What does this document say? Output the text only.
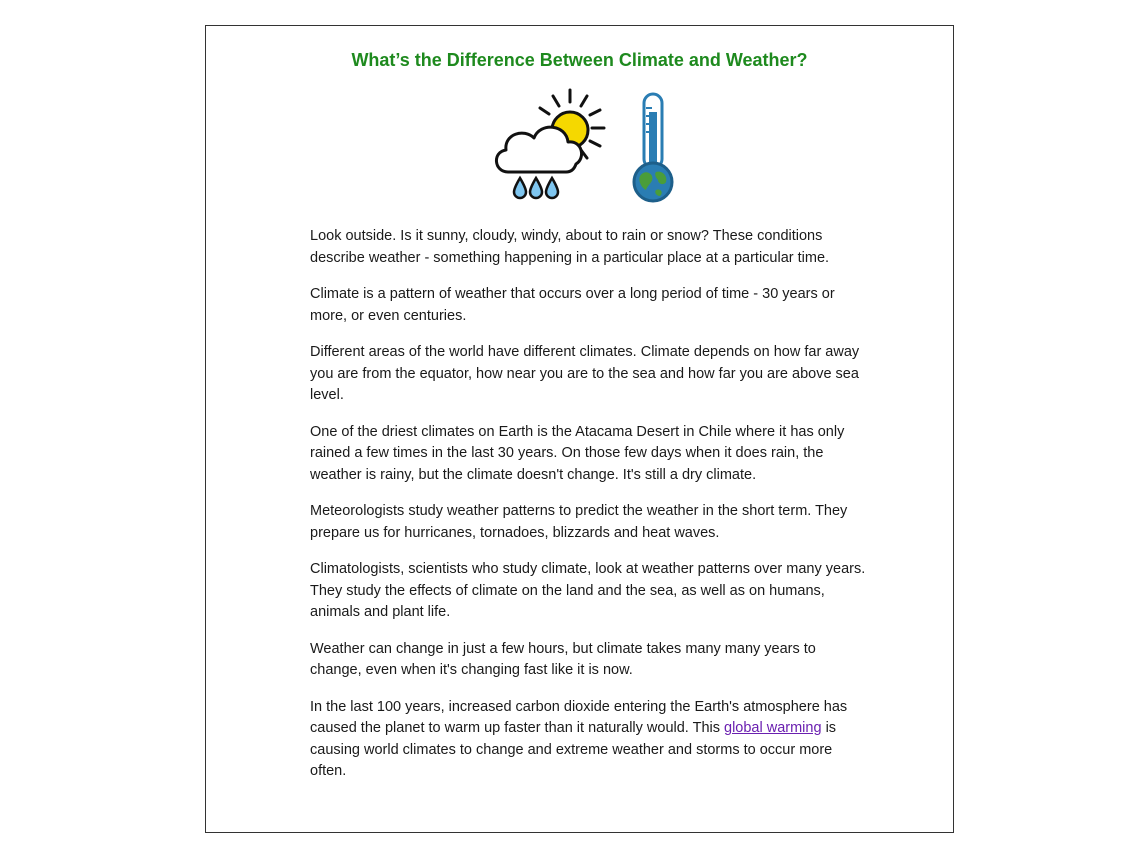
What’s the Difference Between Climate and Weather?

Look outside. Is it sunny, cloudy, windy, about to rain or snow? These conditions describe weather - something happening in a particular place at a particular time.

Climate is a pattern of weather that occurs over a long period of time - 30 years or more, or even centuries.

Different areas of the world have different climates. Climate depends on how far away you are from the equator, how near you are to the sea and how far you are above sea level.

One of the driest climates on Earth is the Atacama Desert in Chile where it has only rained a few times in the last 30 years. On those few days when it does rain, the weather is rainy, but the climate doesn't change. It's still a dry climate.

Meteorologists study weather patterns to predict the weather in the short term. They prepare us for hurricanes, tornadoes, blizzards and heat waves.

Climatologists, scientists who study climate, look at weather patterns over many years. They study the effects of climate on the land and the sea, as well as on humans, animals and plant life.

Weather can change in just a few hours, but climate takes many many years to change, even when it's changing fast like it is now.

In the last 100 years, increased carbon dioxide entering the Earth's atmosphere has caused the planet to warm up faster than it naturally would. This global warming is causing world climates to change and extreme weather and storms to occur more often.
